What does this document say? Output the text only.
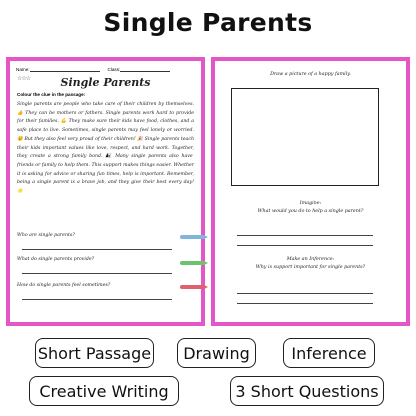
Single Parents
Name:	Class:
☆☆☆	Single Parents
Colour the clue in the passage:
Single parents are people who take care of their children by themselves. 👍 They can be mothers or fathers. Single parents work hard to provide for their families. 💪 They make sure their kids have food, clothes, and a safe place to live. Sometimes, single parents may feel lonely or worried. 😟 But they also feel very proud of their children! 🎉 Single parents teach their kids important values like love, respect, and hard work. Together, they create a strong family bond. 👨‍👧 Many single parents also have friends or family to help them. This support makes things easier. Whether it is asking for advice or sharing fun times, help is important. Remember, being a single parent is a brave job, and they give their best every day! 🌟
Who are single parents?
What do single parents provide?
How do single parents feel sometimes?
Draw a picture of a happy family.
Imagine:
What would you do to help a single parent?
Make an Inference:
Why is support important for single parents?
Short Passage	Drawing	Inference
Creative Writing	3 Short Questions
